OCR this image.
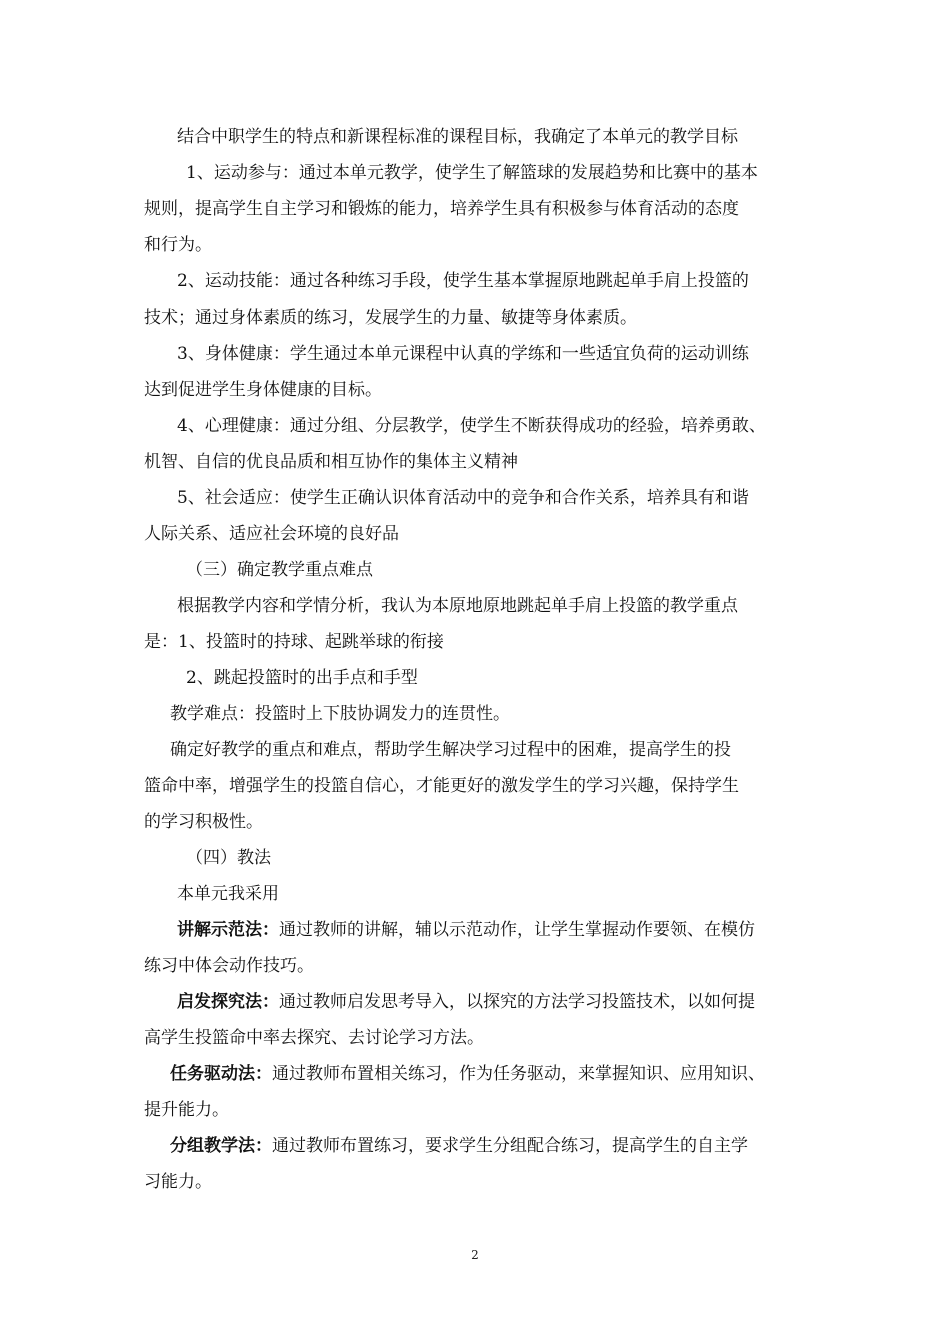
结合中职学生的特点和新课程标准的课程目标，我确定了本单元的教学目标
1、运动参与：通过本单元教学，使学生了解篮球的发展趋势和比赛中的基本
规则，提高学生自主学习和锻炼的能力，培养学生具有积极参与体育活动的态度
和行为。
2、运动技能：通过各种练习手段，使学生基本掌握原地跳起单手肩上投篮的
技术；通过身体素质的练习，发展学生的力量、敏捷等身体素质。
3、身体健康：学生通过本单元课程中认真的学练和一些适宜负荷的运动训练
达到促进学生身体健康的目标。
4、心理健康：通过分组、分层教学，使学生不断获得成功的经验，培养勇敢、
机智、自信的优良品质和相互协作的集体主义精神
5、社会适应：使学生正确认识体育活动中的竞争和合作关系，培养具有和谐
人际关系、适应社会环境的良好品
（三）确定教学重点难点
根据教学内容和学情分析，我认为本原地原地跳起单手肩上投篮的教学重点
是：1、投篮时的持球、起跳举球的衔接
2、跳起投篮时的出手点和手型
教学难点：投篮时上下肢协调发力的连贯性。
确定好教学的重点和难点，帮助学生解决学习过程中的困难，提高学生的投
篮命中率，增强学生的投篮自信心，才能更好的激发学生的学习兴趣，保持学生
的学习积极性。
（四）教法
本单元我采用
讲解示范法：通过教师的讲解，辅以示范动作，让学生掌握动作要领、在模仿
练习中体会动作技巧。
启发探究法：通过教师启发思考导入，以探究的方法学习投篮技术，以如何提
高学生投篮命中率去探究、去讨论学习方法。
任务驱动法：通过教师布置相关练习，作为任务驱动，来掌握知识、应用知识、
提升能力。
分组教学法：通过教师布置练习，要求学生分组配合练习，提高学生的自主学
习能力。
2
